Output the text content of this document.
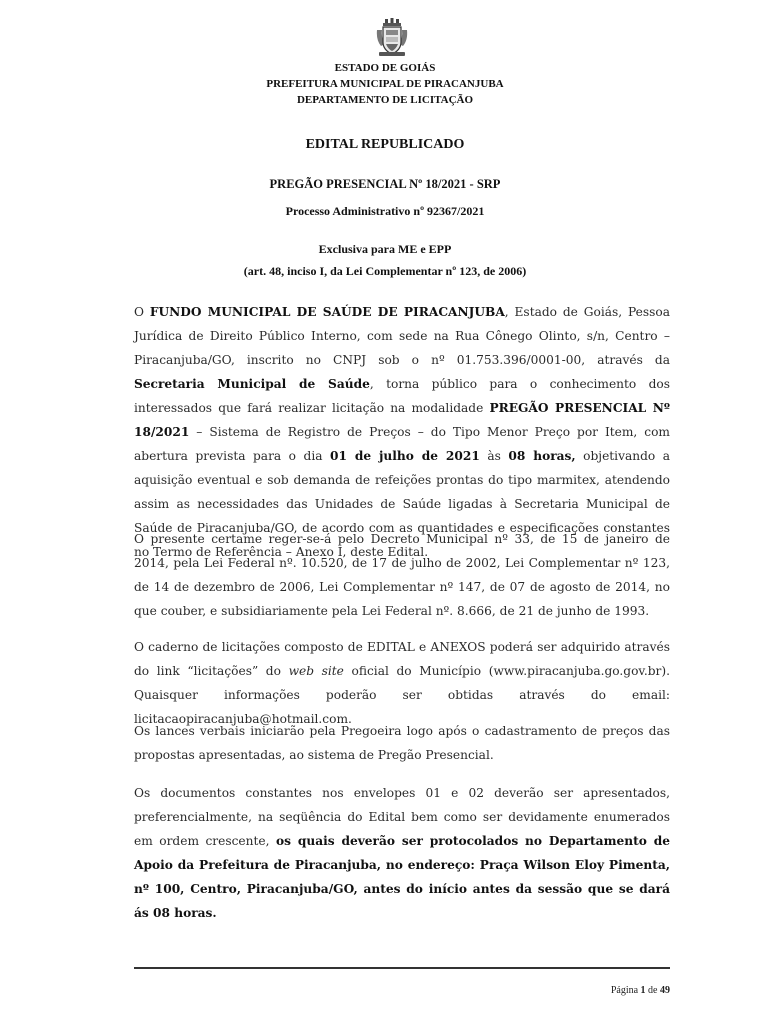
ESTADO DE GOIÁS
PREFEITURA MUNICIPAL DE PIRACANJUBA
DEPARTAMENTO DE LICITAÇÃO
EDITAL REPUBLICADO
PREGÃO PRESENCIAL Nº 18/2021 - SRP
Processo Administrativo nº 92367/2021
Exclusiva para ME e EPP
(art. 48, inciso I, da Lei Complementar nº 123, de 2006)

O FUNDO MUNICIPAL DE SAÚDE DE PIRACANJUBA, Estado de Goiás, Pessoa Jurídica de Direito Público Interno, com sede na Rua Cônego Olinto, s/n, Centro – Piracanjuba/GO, inscrito no CNPJ sob o nº 01.753.396/0001-00, através da Secretaria Municipal de Saúde, torna público para o conhecimento dos interessados que fará realizar licitação na modalidade PREGÃO PRESENCIAL Nº 18/2021 – Sistema de Registro de Preços – do Tipo Menor Preço por Item, com abertura prevista para o dia 01 de julho de 2021 às 08 horas, objetivando a aquisição eventual e sob demanda de refeições prontas do tipo marmitex, atendendo assim as necessidades das Unidades de Saúde ligadas à Secretaria Municipal de Saúde de Piracanjuba/GO, de acordo com as quantidades e especificações constantes no Termo de Referência – Anexo I, deste Edital.

O presente certame reger-se-á pelo Decreto Municipal nº 33, de 15 de janeiro de 2014, pela Lei Federal nº. 10.520, de 17 de julho de 2002, Lei Complementar nº 123, de 14 de dezembro de 2006, Lei Complementar nº 147, de 07 de agosto de 2014, no que couber, e subsidiariamente pela Lei Federal nº. 8.666, de 21 de junho de 1993.

O caderno de licitações composto de EDITAL e ANEXOS poderá ser adquirido através do link “licitações” do web site oficial do Município (www.piracanjuba.go.gov.br). Quaisquer informações poderão ser obtidas através do email: licitacaopiracanjuba@hotmail.com.

Os lances verbais iniciarão pela Pregoeira logo após o cadastramento de preços das propostas apresentadas, ao sistema de Pregão Presencial.

Os documentos constantes nos envelopes 01 e 02 deverão ser apresentados, preferencialmente, na seqüência do Edital bem como ser devidamente enumerados em ordem crescente, os quais deverão ser protocolados no Departamento de Apoio da Prefeitura de Piracanjuba, no endereço: Praça Wilson Eloy Pimenta, nº 100, Centro, Piracanjuba/GO, antes do início antes da sessão que se dará ás 08 horas.

Página 1 de 49
